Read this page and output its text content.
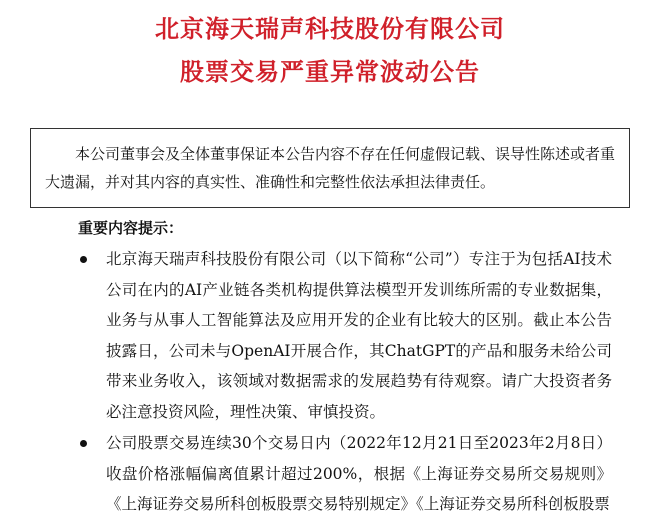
北京海天瑞声科技股份有限公司
股票交易严重异常波动公告
本公司董事会及全体董事保证本公告内容不存在任何虚假记载、误导性陈述或者重大遗漏，并对其内容的真实性、准确性和完整性依法承担法律责任。
重要内容提示：
北京海天瑞声科技股份有限公司（以下简称“公司”）专注于为包括AI技术公司在内的AI产业链各类机构提供算法模型开发训练所需的专业数据集，业务与从事人工智能算法及应用开发的企业有比较大的区别。截止本公告披露日，公司未与OpenAI开展合作，其ChatGPT的产品和服务未给公司带来业务收入，该领域对数据需求的发展趋势有待观察。请广大投资者务必注意投资风险，理性决策、审慎投资。
公司股票交易连续30个交易日内（2022年12月21日至2023年2月8日）收盘价格涨幅偏离值累计超过200%，根据《上海证券交易所交易规则》《上海证券交易所科创板股票交易特别规定》《上海证券交易所科创板股票
